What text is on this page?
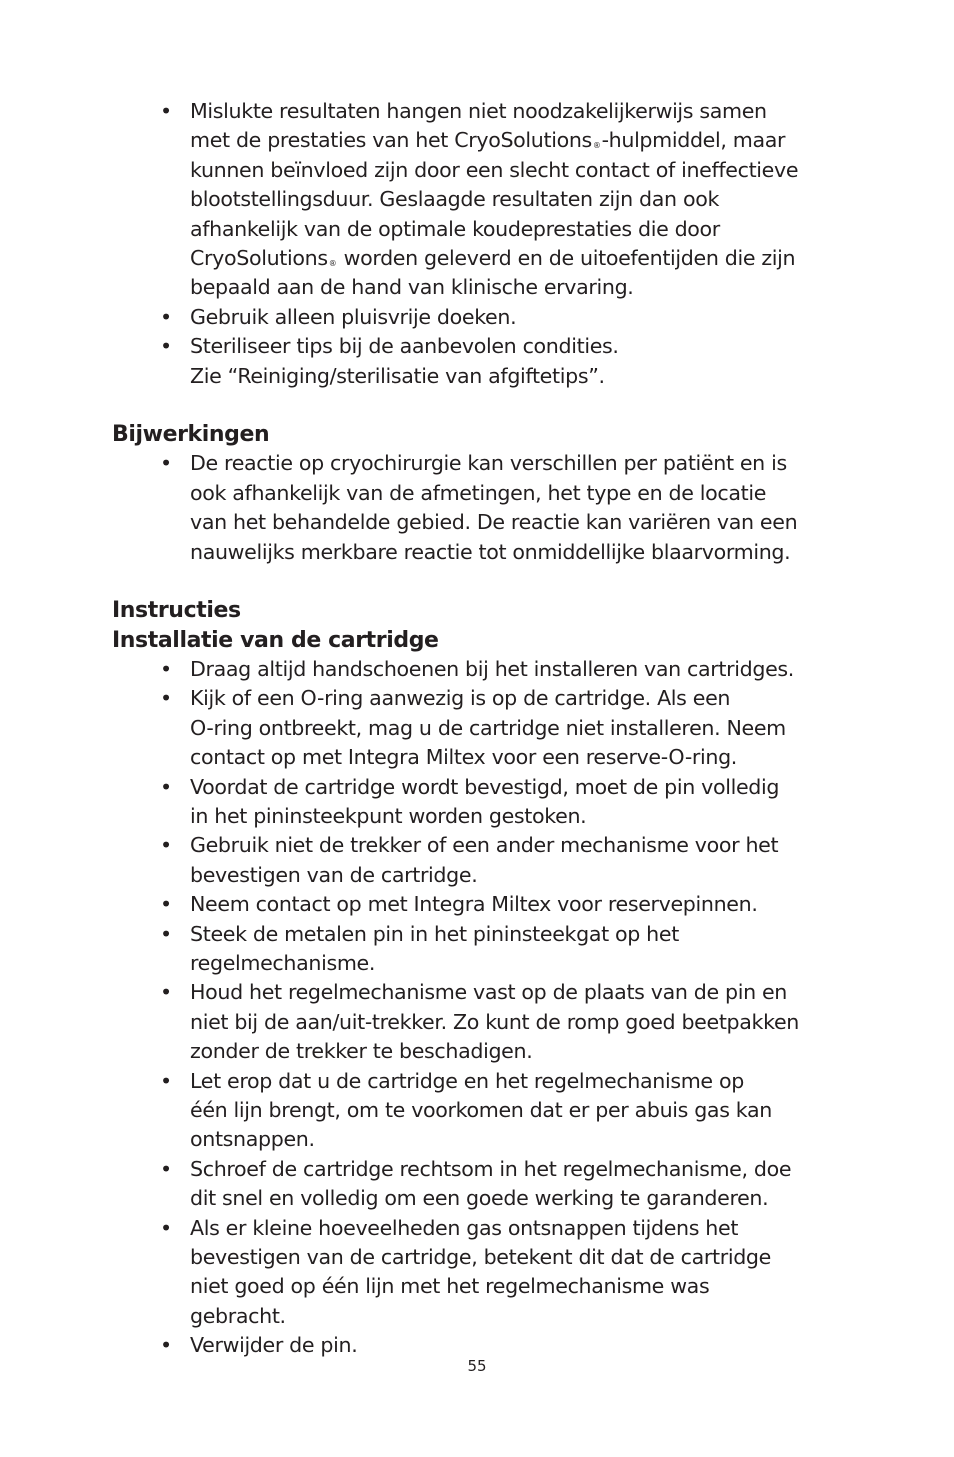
• Mislukte resultaten hangen niet noodzakelijkerwijs samen
met de prestaties van het CryoSolutions®-hulpmiddel, maar
kunnen beïnvloed zijn door een slecht contact of ineffectieve
blootstellingsduur. Geslaagde resultaten zijn dan ook
afhankelijk van de optimale koudeprestaties die door
CryoSolutions® worden geleverd en de uitoefentijden die zijn
bepaald aan de hand van klinische ervaring.
• Gebruik alleen pluisvrije doeken.
• Steriliseer tips bij de aanbevolen condities.
Zie “Reiniging/sterilisatie van afgiftetips”.
Bijwerkingen
• De reactie op cryochirurgie kan verschillen per patiënt en is
ook afhankelijk van de afmetingen, het type en de locatie
van het behandelde gebied. De reactie kan variëren van een
nauwelijks merkbare reactie tot onmiddellijke blaarvorming.
Instructies
Installatie van de cartridge
• Draag altijd handschoenen bij het installeren van cartridges.
• Kijk of een O-ring aanwezig is op de cartridge. Als een
O-ring ontbreekt, mag u de cartridge niet installeren. Neem
contact op met Integra Miltex voor een reserve-O-ring.
• Voordat de cartridge wordt bevestigd, moet de pin volledig
in het pininsteekpunt worden gestoken.
• Gebruik niet de trekker of een ander mechanisme voor het
bevestigen van de cartridge.
• Neem contact op met Integra Miltex voor reservepinnen.
• Steek de metalen pin in het pininsteekgat op het
regelmechanisme.
• Houd het regelmechanisme vast op de plaats van de pin en
niet bij de aan/uit-trekker. Zo kunt de romp goed beetpakken
zonder de trekker te beschadigen.
• Let erop dat u de cartridge en het regelmechanisme op
één lijn brengt, om te voorkomen dat er per abuis gas kan
ontsnappen.
• Schroef de cartridge rechtsom in het regelmechanisme, doe
dit snel en volledig om een goede werking te garanderen.
• Als er kleine hoeveelheden gas ontsnappen tijdens het
bevestigen van de cartridge, betekent dit dat de cartridge
niet goed op één lijn met het regelmechanisme was
gebracht.
• Verwijder de pin.
55
